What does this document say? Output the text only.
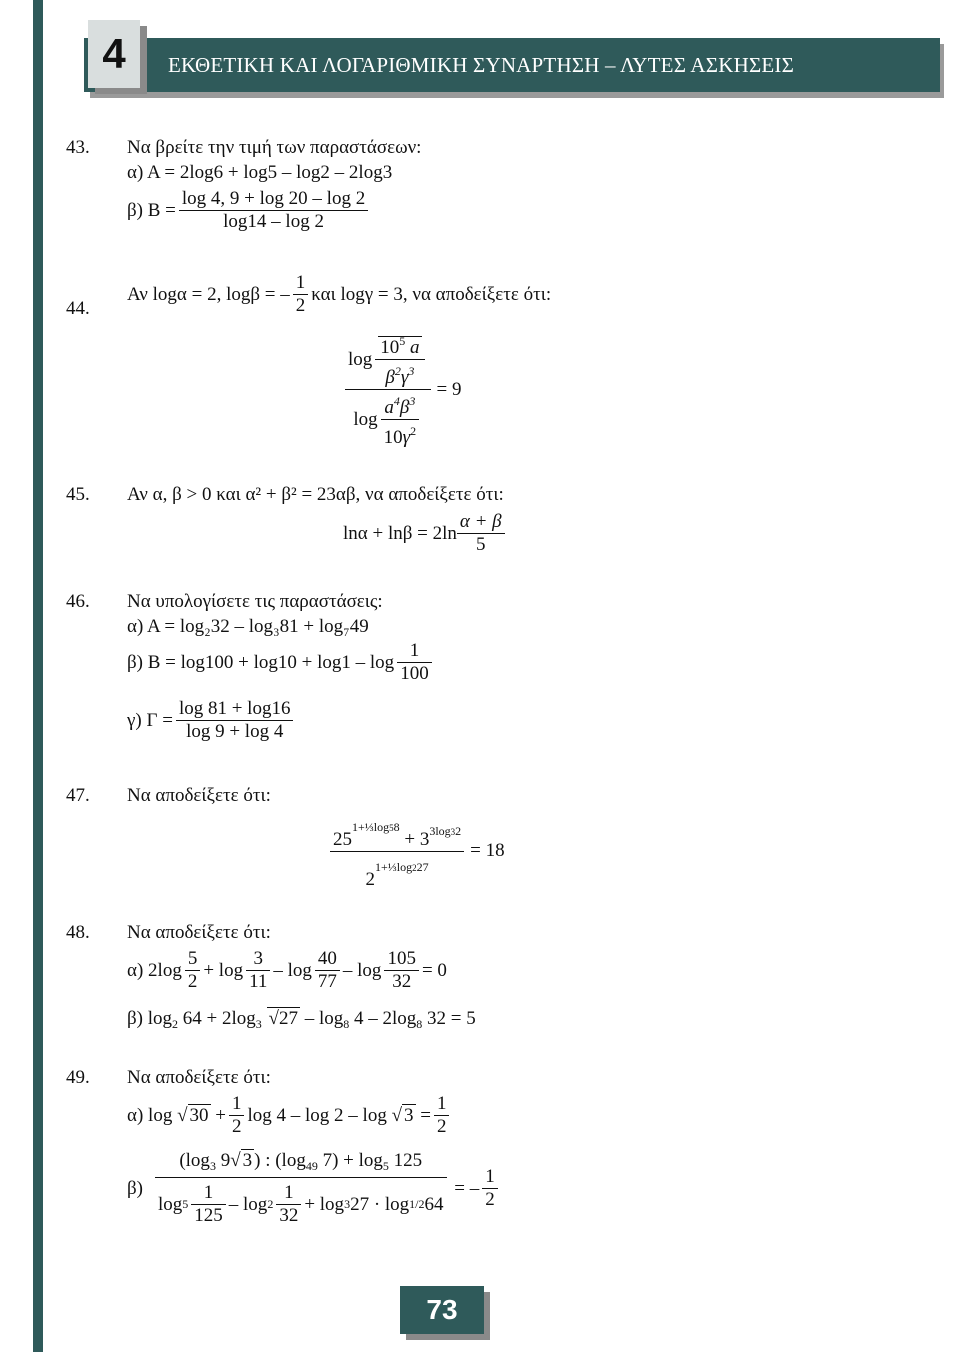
4	ΕΚΘΕΤΙΚΗ ΚΑΙ ΛΟΓΑΡΙΘΜΙΚΗ ΣΥΝΑΡΤΗΣΗ – ΛΥΤΕΣ ΑΣΚΗΣΕΙΣ
43. Να βρείτε την τιμή των παραστάσεων:
α) Α = 2log6 + log5 – log2 – 2log3
β) $B = \frac{\log 4, 9 + \log 20 - \log 2}{\log 14 - \log 2}$
44.
Αν logα = 2, logβ = – $\frac{1}{2}$ και logγ = 3, να αποδείξετε ότι:
$\frac{\log \frac{10^5 a}{\beta^2\gamma^3}}{\log \frac{a^4\beta^3}{10\gamma^2}} = 9$
45. Αν α, β > 0 και α² + β² = 23αβ, να αποδείξετε ότι:
$\ln\alpha + \ln\beta = 2\ln \frac{\alpha + \beta}{5}$
46. Να υπολογίσετε τις παραστάσεις:
α) Α = log₂32 – log₃81 + log₇49
β) $B = \log 100 + \log 10 + \log 1 - \log \frac{1}{100}$
γ) $\Gamma = \frac{\log 81 + \log 16}{\log 9 + \log 4}$
47. Να αποδείξετε ότι:
$\frac{25^{1+\frac{1}{3}log58} + 3^{3log32}}{2^{1+\frac{1}{3}log227}} = 18$
48. Να αποδείξετε ότι:
α) $2\log \frac{5}{2} + \log \frac{3}{11} - \log \frac{40}{77} - \log \frac{105}{32} = 0$
β) $\log_2 64 + 2\log_3$ $√27 - \log_8 4 - 2\log_8$ 32 = 5
49. Να αποδείξετε ότι:
α) log √ $30 + \frac{1}{2}$ log 4 – log 2 – log √ $3 = \frac{1}{2}$
$\beta) \frac{(\log_3 9√ 3 ) : (\log_{49} 7) + \log_5 125}{\log 5 \frac{1}{125} - \log 2 \frac{1}{32} + \log 3 27 \cdot \log 1/2 64}$ = – $\frac{1}{2}$
73
